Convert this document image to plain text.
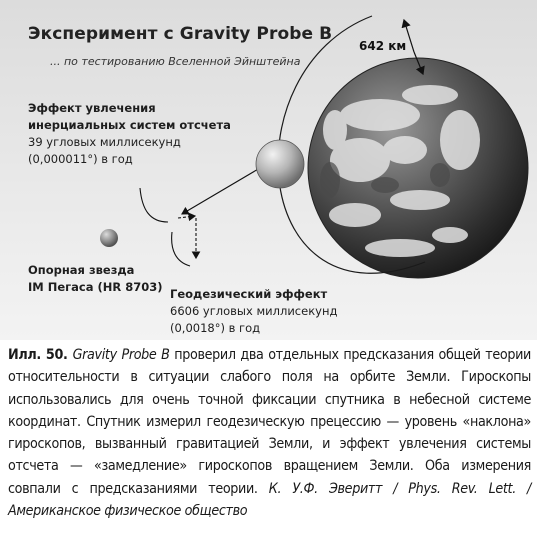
Эксперимент с Gravity Probe B
... по тестированию Вселенной Эйнштейна
Эффект увлечения
инерциальных систем отсчета
39 угловых миллисекунд
(0,000011°) в год
Опорная звезда
IM Пегаса (HR 8703) Геодезический эффект
6606 угловых миллисекунд
(0,0018°) в год
642 км
Илл. 50. Gravity Probe B проверил два отдельных предсказания общей теории относительности в ситуации слабого поля на орбите Земли. Гироскопы использовались для очень точной фиксации спутника в небесной системе координат. Спутник измерил геодезическую прецессию — уровень «наклона» гироскопов, вызванный гравитацией Земли, и эффект увлечения системы отсчета — «замедление» гироскопов вращением Земли. Оба измерения совпали с предсказаниями теории. К. У.Ф. Эверитт / Phys. Rev. Lett. / Американское физическое общество
